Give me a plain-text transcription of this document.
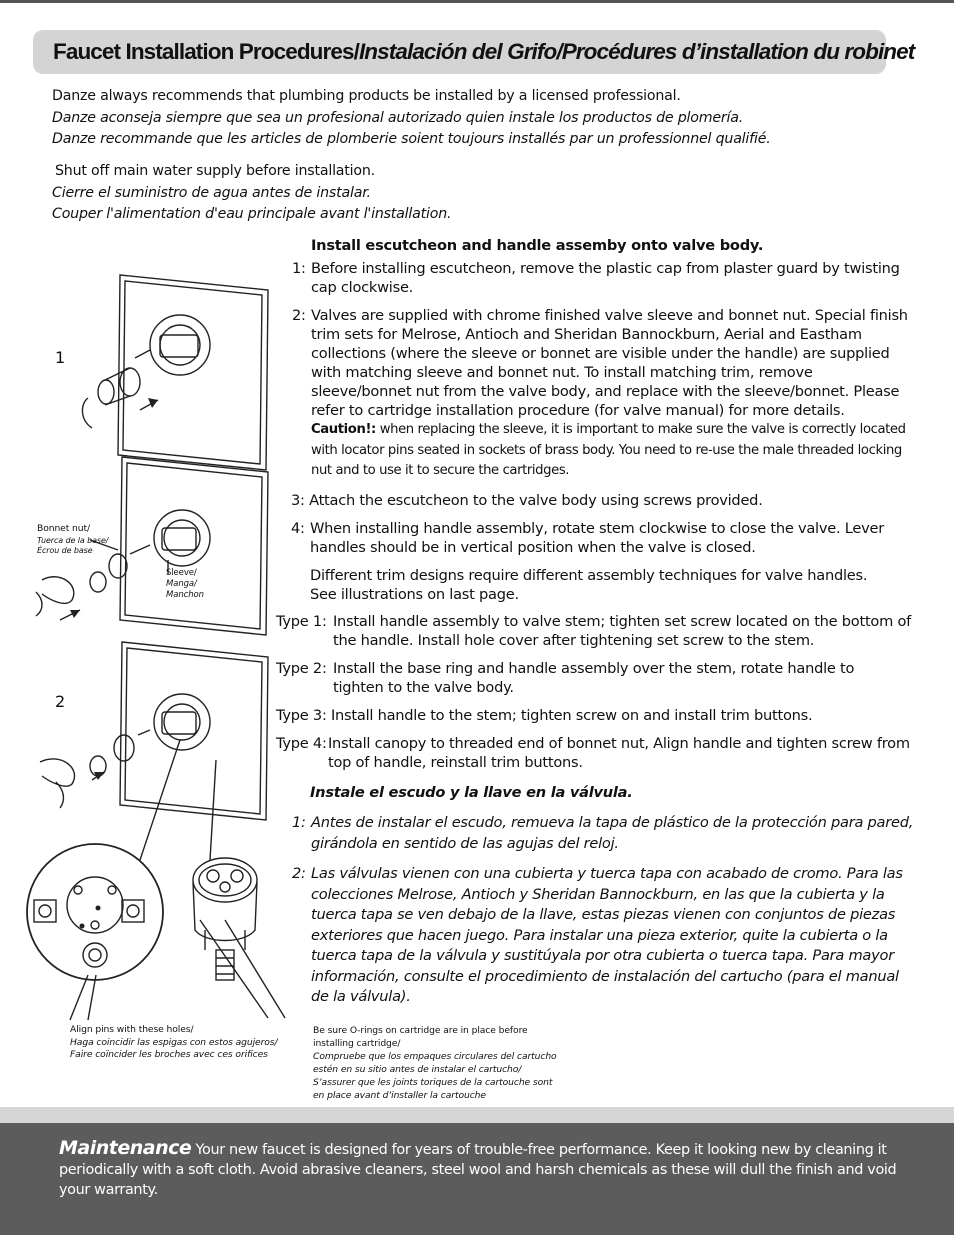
Faucet Installation Procedures/Instalación del Grifo/Procédures d’installation du robinet

Danze always recommends that plumbing products be installed by a licensed professional.

Danze aconseja siempre que sea un profesional autorizado quien instale los productos de plomería.

Danze recommande que les articles de plomberie soient toujours installés par un professionnel qualifié.

Shut off main water supply before installation.

Cierre el suministro de agua antes de instalar.

Couper l'alimentation d'eau principale avant l'installation.

1
2
Bonnet nut/
Tuerca de la base/
Écrou de base
Sleeve/
Manga/
Manchon
Align pins with these holes/
Haga coincidir las espigas con estos agujeros/
Faire coïncider les broches avec ces orifices
Be sure O-rings on cartridge are in place before installing cartridge/
Compruebe que los empaques circulares del cartucho estén en su sitio antes de instalar el cartucho/
S’assurer que les joints toriques de la cartouche sont en place avant d’installer la cartouche
Install escutcheon and handle assemby onto valve body.
1: Before installing escutcheon, remove the plastic cap from plaster guard by twisting cap clockwise.
2: Valves are supplied with chrome finished valve sleeve and bonnet nut. Special finish trim sets for Melrose, Antioch and Sheridan Bannockburn, Aerial and Eastham collections (where the sleeve or bonnet are visible under the handle) are supplied with matching sleeve and bonnet nut. To install matching trim, remove sleeve/bonnet nut from the valve body, and replace with the sleeve/bonnet. Please refer to cartridge installation procedure (for valve manual) for more details.
Caution!: when replacing the sleeve, it is important to make sure the valve is correctly located with locator pins seated in sockets of brass body. You need to re-use the male threaded locking nut and to use it to secure the cartridges.
3: Attach the escutcheon to the valve body using screws provided.
4: When installing handle assembly, rotate stem clockwise to close the valve. Lever handles should be in vertical position when the valve is closed.
Different trim designs require different assembly techniques for valve handles. See illustrations on last page.
Type 1: Install handle assembly to valve stem; tighten set screw located on the bottom of the handle. Install hole cover after tightening set screw to the stem.
Type 2: Install the base ring and handle assembly over the stem, rotate handle to tighten to the valve body.
Type 3: Install handle to the stem; tighten screw on and install trim buttons.
Type 4: Install canopy to threaded end of bonnet nut, Align handle and tighten screw from top of handle, reinstall trim buttons.
Instale el escudo y la llave en la válvula.
1: Antes de instalar el escudo, remueva la tapa de plástico de la protección para pared, girándola en sentido de las agujas del reloj.
2: Las válvulas vienen con una cubierta y tuerca tapa con acabado de cromo. Para las colecciones Melrose, Antioch y Sheridan Bannockburn, en las que la cubierta y la tuerca tapa se ven debajo de la llave, estas piezas vienen con conjuntos de piezas exteriores que hacen juego. Para instalar una pieza exterior, quite la cubierta o la tuerca tapa de la válvula y sustitúyala por otra cubierta o tuerca tapa. Para mayor información, consulte el procedimiento de instalación del cartucho (para el manual de la válvula).
Maintenance Your new faucet is designed for years of trouble-free performance. Keep it looking new by cleaning it periodically with a soft cloth. Avoid abrasive cleaners, steel wool and harsh chemicals as these will dull the finish and void your warranty.
